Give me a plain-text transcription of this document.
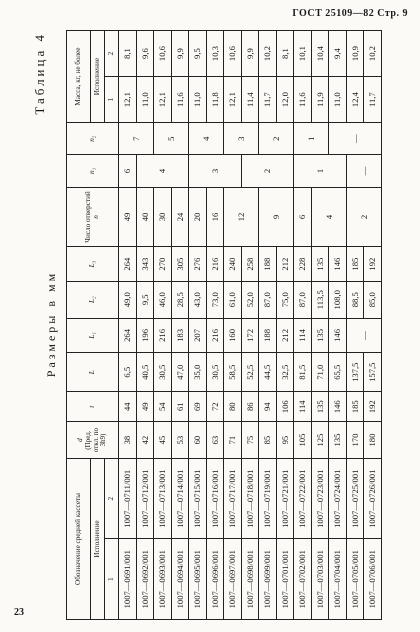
ГОСТ 25109—82 Стр. 9
23
Таблица 4
Размеры в мм
Обозначение средней кассеты		d
(Пред. откл. по 3h9)	t	L	L₁	L₂	L₃	Число отверстий
n	n₁	n₂	Масса, кг, не более	
Исполнение											Исполнение	
1	2										1	2
1007—0691/001	1007—0711/001	38	44	6,5	264	49,0	264	49	6	7	12,1	8,1
1007—0692/001	1007—0712/001	42	49	40,5	196	9,5	343	40	4		11,0	9,6
1007—0693/001	1007—0713/001	45	54	30,5	216	46,0	270	30		5	12,1	10,6
1007—0694/001	1007—0714/001	53	61	47,0	183	28,5	305	24			11,6	9,9
1007—0695/001	1007—0715/001	60	69	35,0	207	43,0	276	20	3	4	11,0	9,5
1007—0696/001	1007—0716/001	63	72	30,5	216	73,0	216	16			11,8	10,3
1007—0697/001	1007—0717/001	71	80	58,5	160	61,0	240	12		3	12,1	10,6
1007—0698/001	1007—0718/001	75	86	52,5	172	52,0	258		2		11,4	9,9
1007—0699/001	1007—0719/001	85	94	44,5	188	87,0	188	9		2	11,7	10,2
1007—0701/001	1007—0721/001	95	106	32,5	212	75,0	212				12,0	8,1
1007—0702/001	1007—0722/001	105	114	81,5	114	87,0	228	6	1	1	11,6	10,1
1007—0703/001	1007—0723/001	125	135	71,0	135	113,5	135	4			11,9	10,4
1007—0704/001	1007—0724/001	135	146	65,5	146	108,0	146			—	11,0	9,4
1007—0705/001	1007—0725/001	170	185	137,5	—	88,5	185	2	—		12,4	10,9
1007—0706/001	1007—0726/001	180	192	157,5		85,0	192				11,7	10,2
